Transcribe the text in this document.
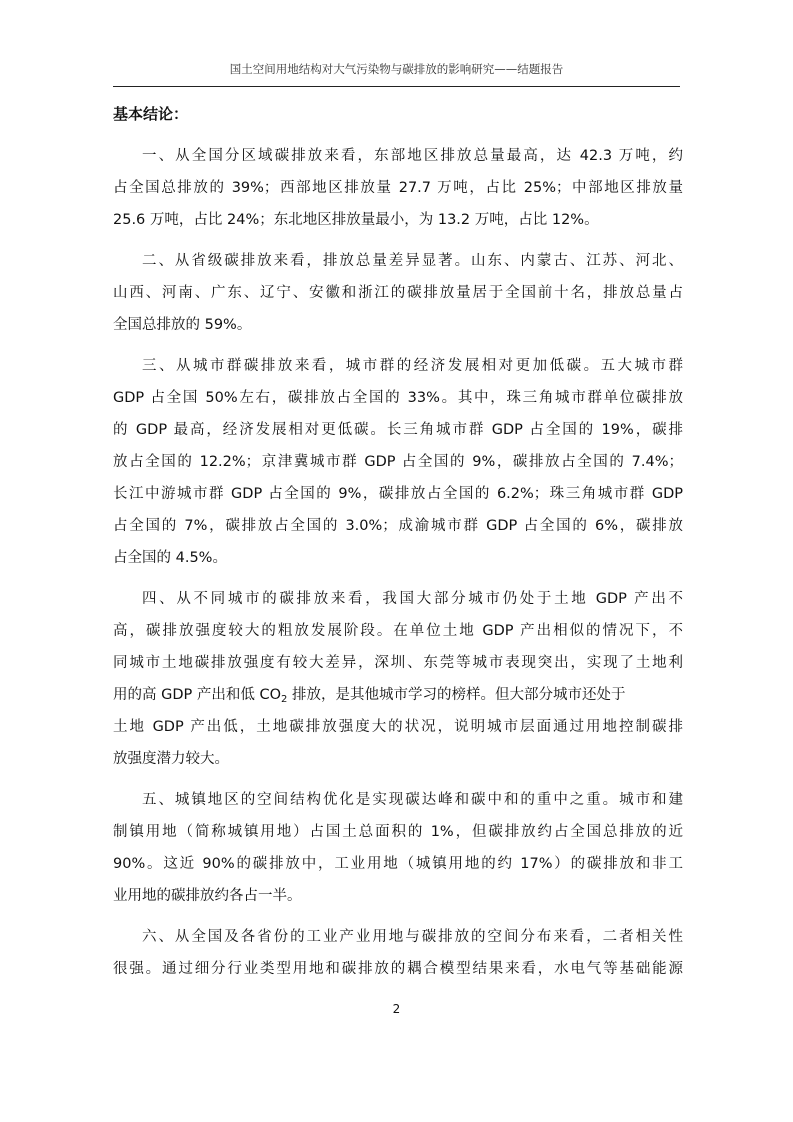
国土空间用地结构对大气污染物与碳排放的影响研究——结题报告
基本结论：
一、从全国分区域碳排放来看，东部地区排放总量最高，达 42.3 万吨，约
占全国总排放的 39%；西部地区排放量 27.7 万吨，占比 25%；中部地区排放量
25.6 万吨，占比 24%；东北地区排放量最小，为 13.2 万吨，占比 12%。
二、从省级碳排放来看，排放总量差异显著。山东、内蒙古、江苏、河北、
山西、河南、广东、辽宁、安徽和浙江的碳排放量居于全国前十名，排放总量占
全国总排放的 59%。
三、从城市群碳排放来看，城市群的经济发展相对更加低碳。五大城市群
GDP 占全国 50%左右，碳排放占全国的 33%。其中，珠三角城市群单位碳排放
的 GDP 最高，经济发展相对更低碳。长三角城市群 GDP 占全国的 19%，碳排
放占全国的 12.2%；京津冀城市群 GDP 占全国的 9%，碳排放占全国的 7.4%；
长江中游城市群 GDP 占全国的 9%，碳排放占全国的 6.2%；珠三角城市群 GDP
占全国的 7%，碳排放占全国的 3.0%；成渝城市群 GDP 占全国的 6%，碳排放
占全国的 4.5%。
四、从不同城市的碳排放来看，我国大部分城市仍处于土地 GDP 产出不
高，碳排放强度较大的粗放发展阶段。在单位土地 GDP 产出相似的情况下，不
同城市土地碳排放强度有较大差异，深圳、东莞等城市表现突出，实现了土地利
用的高 GDP 产出和低 $CO_2$ 排放，是其他城市学习的榜样。但大部分城市还处于
土地 GDP 产出低，土地碳排放强度大的状况，说明城市层面通过用地控制碳排
放强度潜力较大。
五、城镇地区的空间结构优化是实现碳达峰和碳中和的重中之重。城市和建
制镇用地（简称城镇用地）占国土总面积的 1%，但碳排放约占全国总排放的近
90%。这近 90%的碳排放中，工业用地（城镇用地的约 17%）的碳排放和非工
业用地的碳排放约各占一半。
六、从全国及各省份的工业产业用地与碳排放的空间分布来看，二者相关性
很强。通过细分行业类型用地和碳排放的耦合模型结果来看，水电气等基础能源
2
